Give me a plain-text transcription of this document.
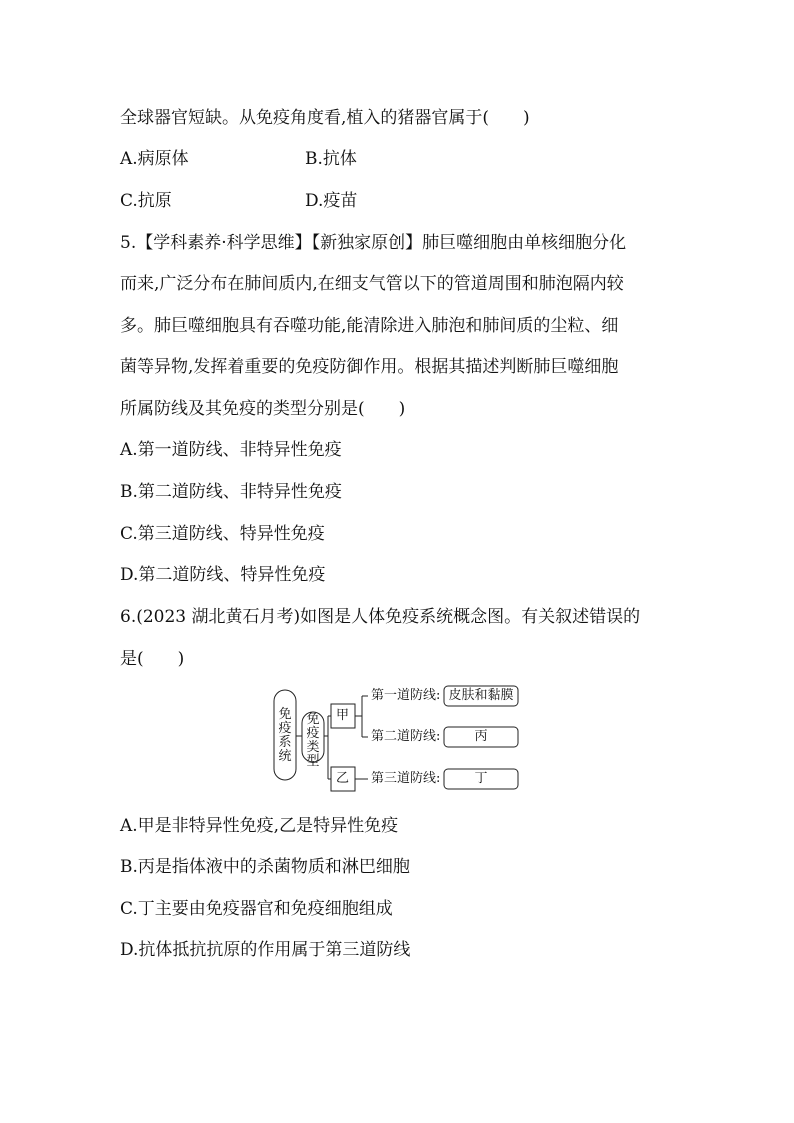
全球器官短缺。从免疫角度看,植入的猪器官属于(　　)
A.病原体	B.抗体
C.抗原	D.疫苗
5.【学科素养·科学思维】【新独家原创】肺巨噬细胞由单核细胞分化
而来,广泛分布在肺间质内,在细支气管以下的管道周围和肺泡隔内较
多。肺巨噬细胞具有吞噬功能,能清除进入肺泡和肺间质的尘粒、细
菌等异物,发挥着重要的免疫防御作用。根据其描述判断肺巨噬细胞
所属防线及其免疫的类型分别是(　　)
A.第一道防线、非特异性免疫
B.第二道防线、非特异性免疫
C.第三道防线、特异性免疫
D.第二道防线、特异性免疫
6.(2023 湖北黄石月考)如图是人体免疫系统概念图。有关叙述错误的
是(　　)
免疫系统
免疫类型
甲
乙
第一道防线:
第二道防线:
第三道防线:
皮肤和黏膜
丙
丁
A.甲是非特异性免疫,乙是特异性免疫
B.丙是指体液中的杀菌物质和淋巴细胞
C.丁主要由免疫器官和免疫细胞组成
D.抗体抵抗抗原的作用属于第三道防线
